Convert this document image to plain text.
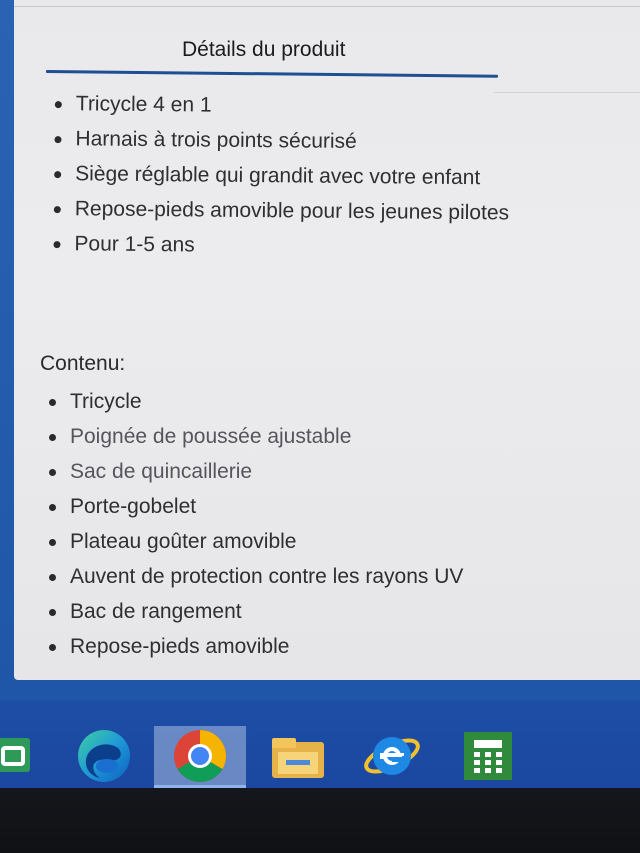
Détails du produit
Tricycle 4 en 1
Harnais à trois points sécurisé
Siège réglable qui grandit avec votre enfant
Repose-pieds amovible pour les jeunes pilotes
Pour 1-5 ans
Contenu:
Tricycle
Poignée de poussée ajustable
Sac de quincaillerie
Porte-gobelet
Plateau goûter amovible
Auvent de protection contre les rayons UV
Bac de rangement
Repose-pieds amovible
